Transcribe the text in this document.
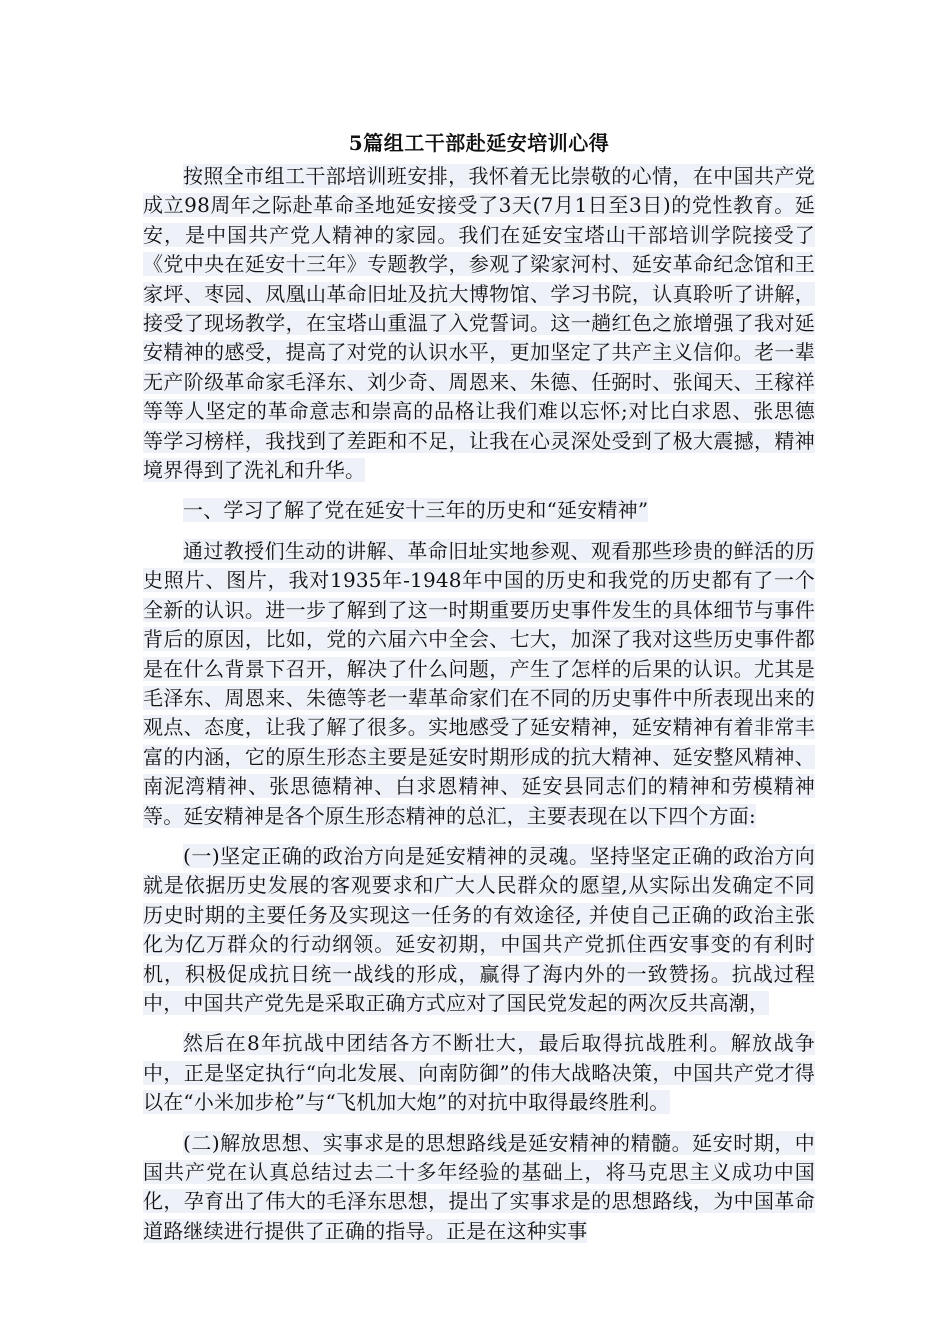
5篇组工干部赴延安培训心得

按照全市组工干部培训班安排，我怀着无比崇敬的心情，在中国共产党成立98周年之际赴革命圣地延安接受了3天(7月1日至3日)的党性教育。延安，是中国共产党人精神的家园。我们在延安宝塔山干部培训学院接受了《党中央在延安十三年》专题教学，参观了梁家河村、延安革命纪念馆和王家坪、枣园、凤凰山革命旧址及抗大博物馆、学习书院，认真聆听了讲解，接受了现场教学，在宝塔山重温了入党誓词。这一趟红色之旅增强了我对延安精神的感受，提高了对党的认识水平，更加坚定了共产主义信仰。老一辈无产阶级革命家毛泽东、刘少奇、周恩来、朱德、任弼时、张闻天、王稼祥等等人坚定的革命意志和崇高的品格让我们难以忘怀;对比白求恩、张思德等学习榜样，我找到了差距和不足，让我在心灵深处受到了极大震撼，精神境界得到了洗礼和升华。

一、学习了解了党在延安十三年的历史和“延安精神”

通过教授们生动的讲解、革命旧址实地参观、观看那些珍贵的鲜活的历史照片、图片，我对1935年-1948年中国的历史和我党的历史都有了一个全新的认识。进一步了解到了这一时期重要历史事件发生的具体细节与事件背后的原因，比如，党的六届六中全会、七大，加深了我对这些历史事件都是在什么背景下召开，解决了什么问题，产生了怎样的后果的认识。尤其是毛泽东、周恩来、朱德等老一辈革命家们在不同的历史事件中所表现出来的观点、态度，让我了解了很多。实地感受了延安精神，延安精神有着非常丰富的内涵，它的原生形态主要是延安时期形成的抗大精神、延安整风精神、南泥湾精神、张思德精神、白求恩精神、延安县同志们的精神和劳模精神等。延安精神是各个原生形态精神的总汇，主要表现在以下四个方面:

(一)坚定正确的政治方向是延安精神的灵魂。坚持坚定正确的政治方向就是依据历史发展的客观要求和广大人民群众的愿望,从实际出发确定不同历史时期的主要任务及实现这一任务的有效途径, 并使自己正确的政治主张化为亿万群众的行动纲领。延安初期，中国共产党抓住西安事变的有利时机，积极促成抗日统一战线的形成，赢得了海内外的一致赞扬。抗战过程中，中国共产党先是采取正确方式应对了国民党发起的两次反共高潮，

然后在8年抗战中团结各方不断壮大，最后取得抗战胜利。解放战争中，正是坚定执行“向北发展、向南防御”的伟大战略决策，中国共产党才得以在“小米加步枪”与“飞机加大炮”的对抗中取得最终胜利。

(二)解放思想、实事求是的思想路线是延安精神的精髓。延安时期，中国共产党在认真总结过去二十多年经验的基础上，将马克思主义成功中国化，孕育出了伟大的毛泽东思想，提出了实事求是的思想路线，为中国革命道路继续进行提供了正确的指导。正是在这种实事
